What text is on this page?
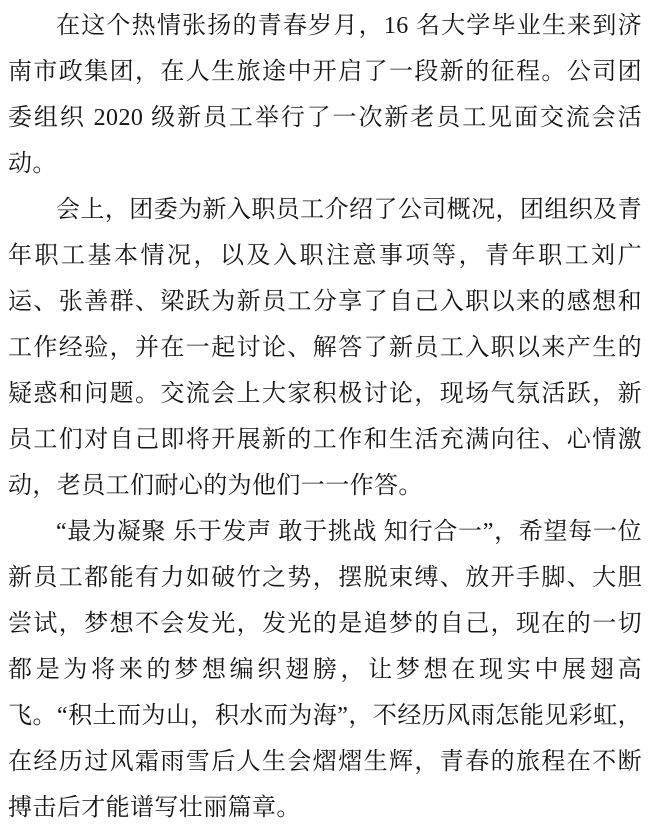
在这个热情张扬的青春岁月，16 名大学毕业生来到济南市政集团，在人生旅途中开启了一段新的征程。公司团委组织 2020 级新员工举行了一次新老员工见面交流会活动。

会上，团委为新入职员工介绍了公司概况，团组织及青年职工基本情况，以及入职注意事项等，青年职工刘广运、张善群、梁跃为新员工分享了自己入职以来的感想和工作经验，并在一起讨论、解答了新员工入职以来产生的疑惑和问题。交流会上大家积极讨论，现场气氛活跃，新员工们对自己即将开展新的工作和生活充满向往、心情激动，老员工们耐心的为他们一一作答。

“最为凝聚 乐于发声 敢于挑战 知行合一”，希望每一位新员工都能有力如破竹之势，摆脱束缚、放开手脚、大胆尝试，梦想不会发光，发光的是追梦的自己，现在的一切都是为将来的梦想编织翅膀，让梦想在现实中展翅高飞。“积土而为山，积水而为海”，不经历风雨怎能见彩虹，在经历过风霜雨雪后人生会熠熠生辉，青春的旅程在不断搏击后才能谱写壮丽篇章。
